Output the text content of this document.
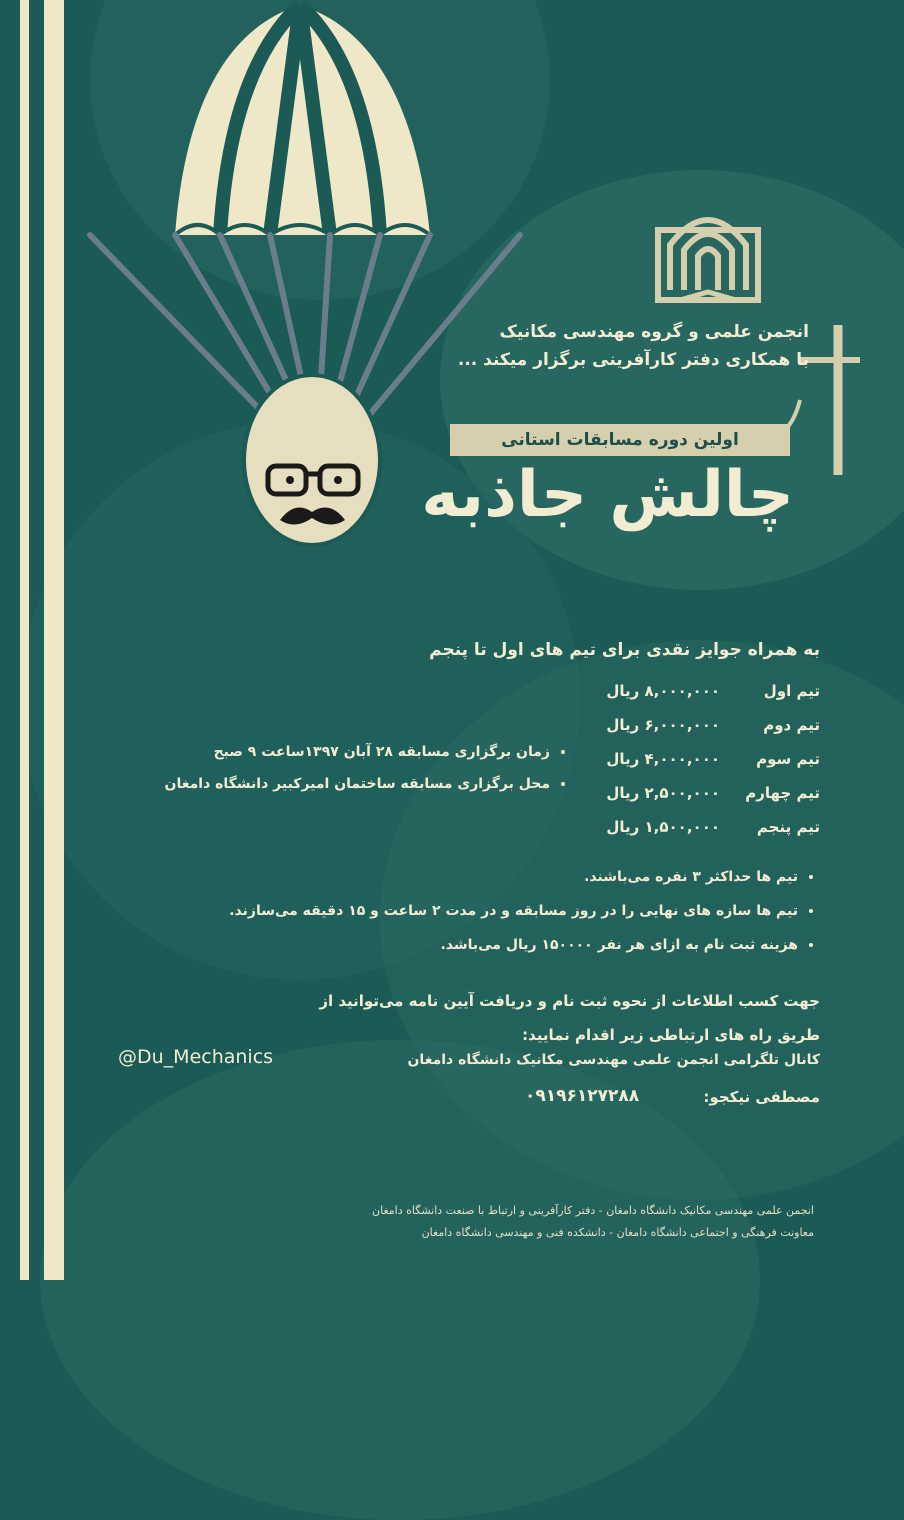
انجمن علمی و گروه مهندسی مکانیک
با همکاری دفتر کارآفرینی برگزار میکند ...
اولین دوره مسابقات استانی
چالش جاذبه
به همراه جوایز نقدی برای تیم های اول تا پنجم
تیم اول
۸,۰۰۰,۰۰۰ ریال
تیم دوم
۶,۰۰۰,۰۰۰ ریال
تیم سوم
۴,۰۰۰,۰۰۰ ریال
تیم چهارم
۲,۵۰۰,۰۰۰ ریال
تیم پنجم
۱,۵۰۰,۰۰۰ ریال
• زمان برگزاری مسابقه ۲۸ آبان ۱۳۹۷ساعت ۹ صبح
• محل برگزاری مسابقه ساختمان امیرکبیر دانشگاه دامغان
• تیم ها حداکثر ۳ نفره می‌باشند.
• تیم ها سازه های نهایی را در روز مسابقه و در مدت ۲ ساعت و ۱۵ دقیقه می‌سازند.
• هزینه ثبت نام به ازای هر نفر ۱۵۰۰۰۰ ریال می‌باشد.
جهت کسب اطلاعات از نحوه ثبت نام و دریافت آیین نامه می‌توانید از
طریق راه های ارتباطی زیر اقدام نمایید:
کانال تلگرامی انجمن علمی مهندسی مکانیک دانشگاه دامغان
@Du_Mechanics
مصطفی نیکجو:
۰۹۱۹۶۱۲۷۲۸۸
انجمن علمی مهندسی مکانیک دانشگاه دامغان - دفتر کارآفرینی و ارتباط با صنعت دانشگاه دامغان
معاونت فرهنگی و اجتماعی دانشگاه دامغان - دانشکده فنی و مهندسی دانشگاه دامغان
